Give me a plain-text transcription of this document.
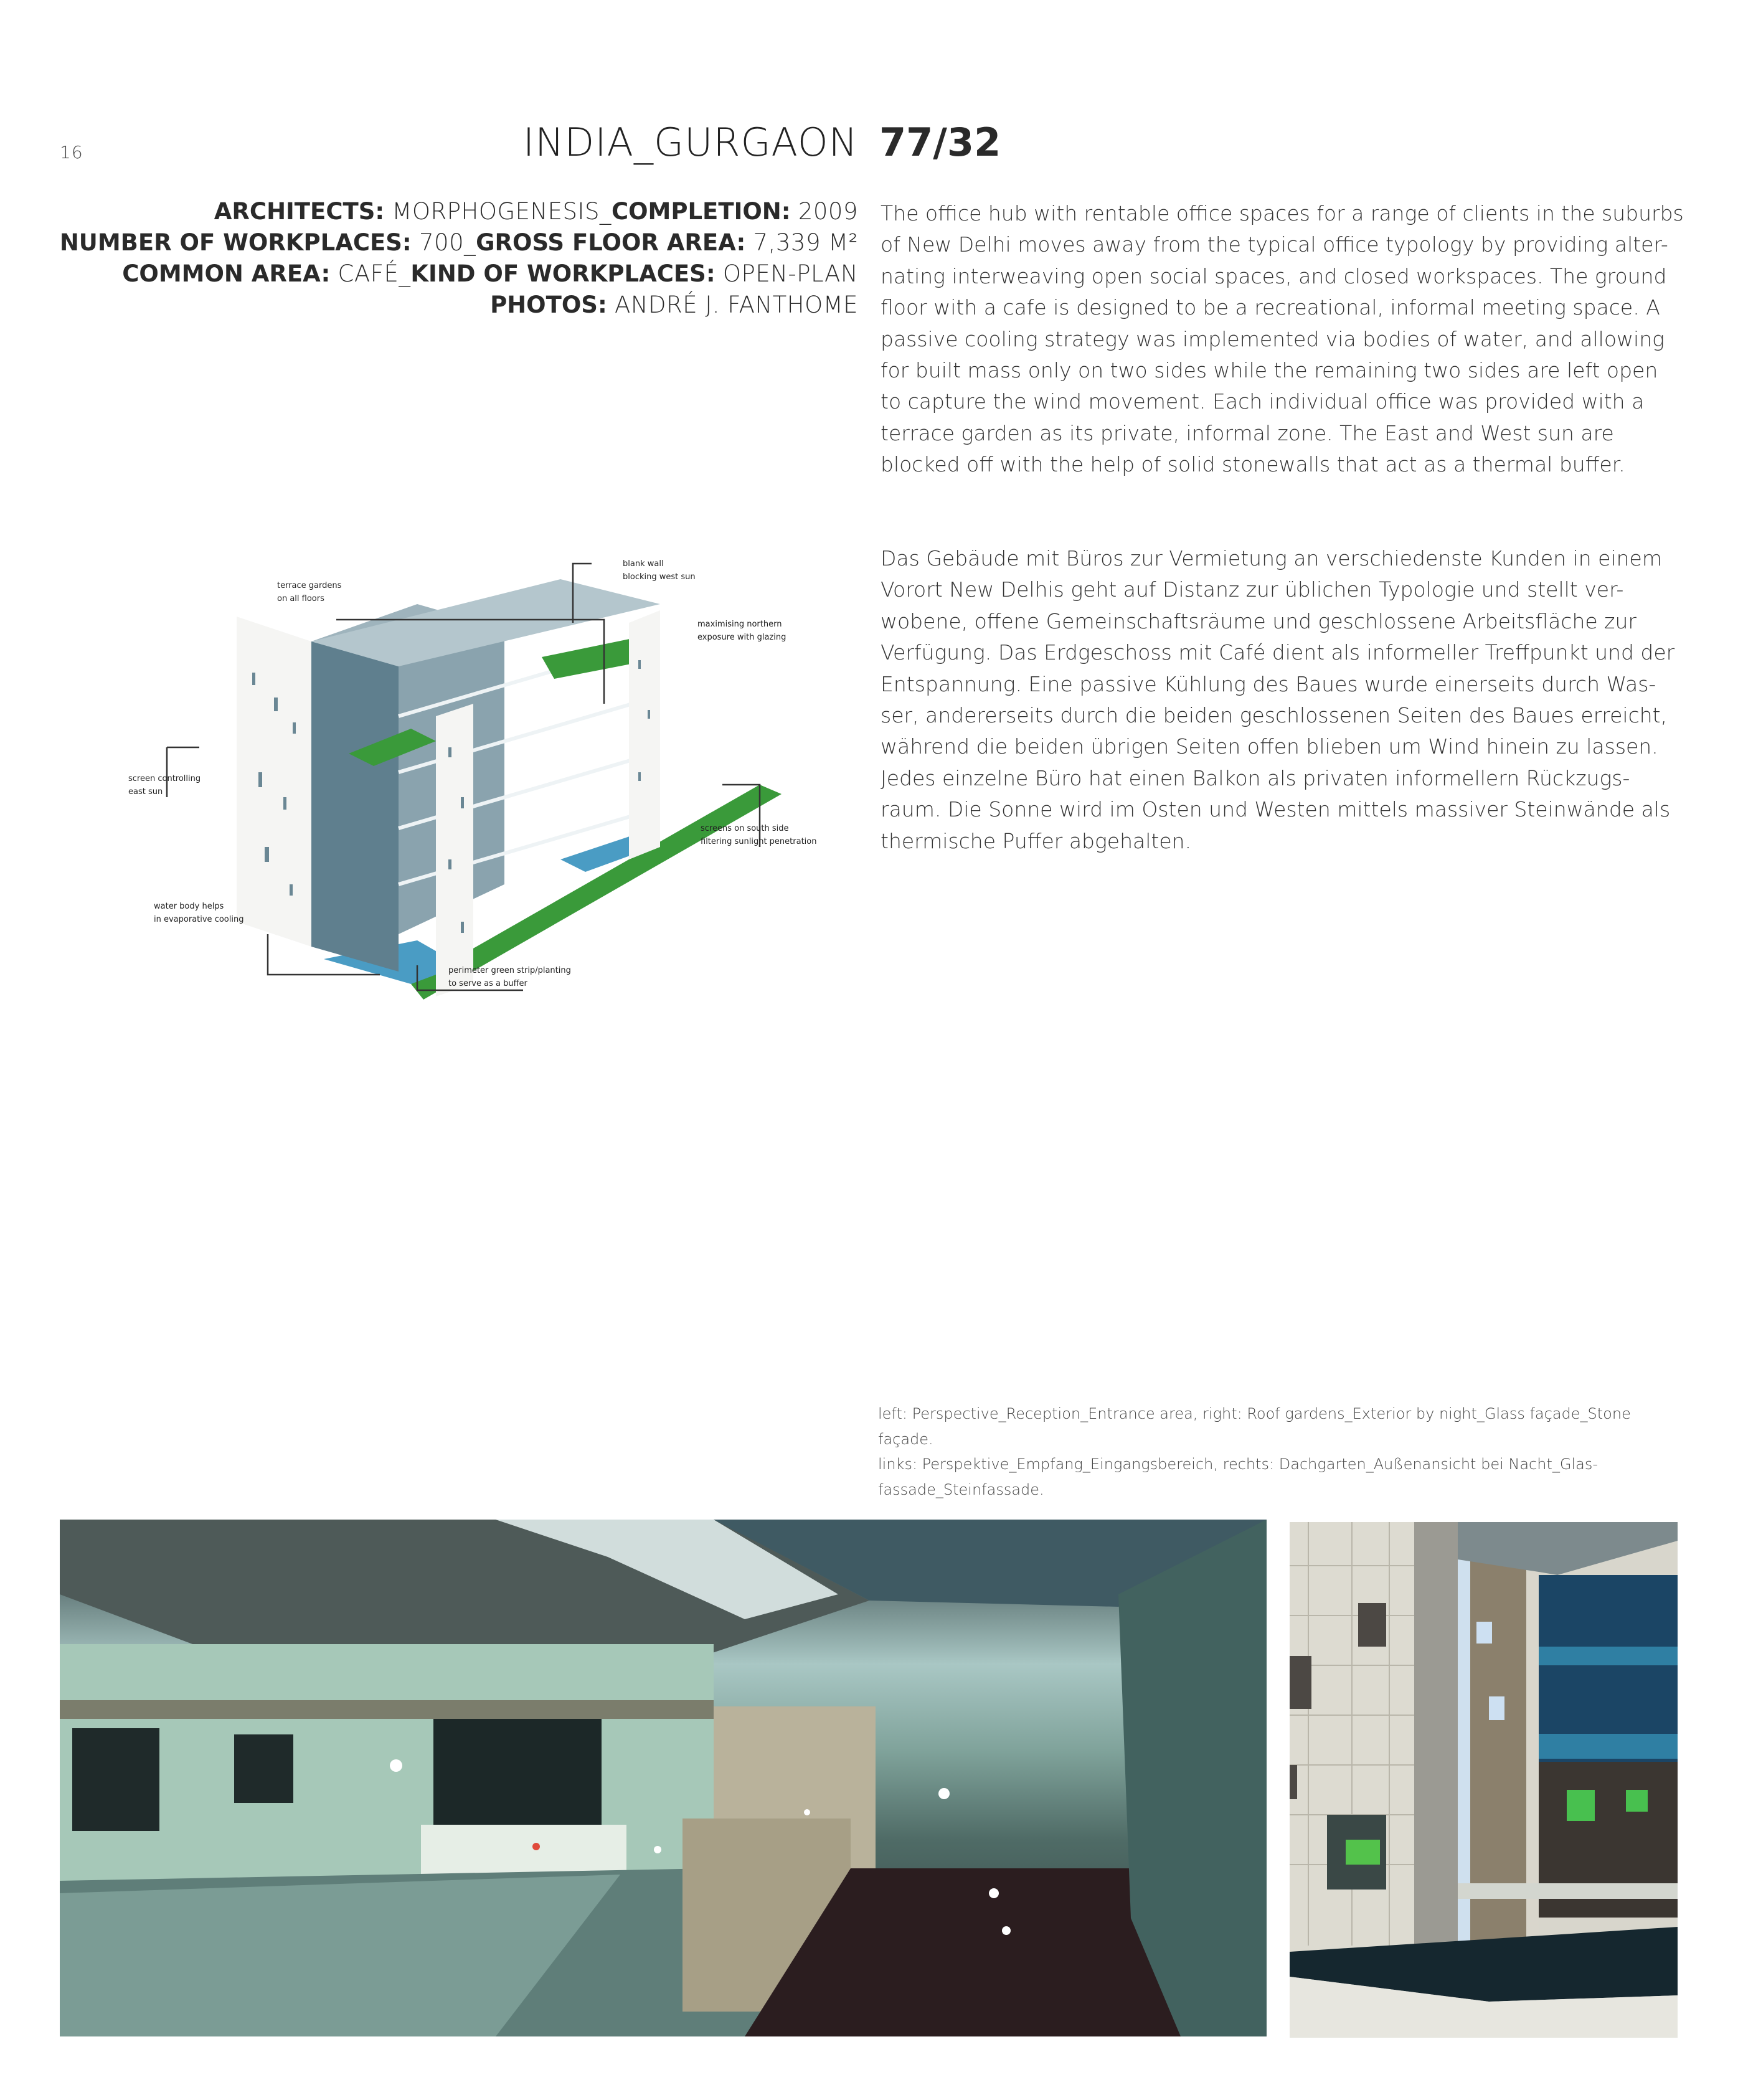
16	INDIA_GURGAON 77/32
ARCHITECTS: MORPHOGENESIS_COMPLETION: 2009
NUMBER OF WORKPLACES: 700_GROSS FLOOR AREA: 7,339 M²
COMMON AREA: CAFÉ_KIND OF WORKPLACES: OPEN-PLAN
PHOTOS: ANDRÉ J. FANTHOME
The office hub with rentable office spaces for a range of clients in the suburbs of New Delhi moves away from the typical office typology by providing alter-nating interweaving open social spaces, and closed workspaces. The ground floor with a cafe is designed to be a recreational, informal meeting space. A passive cooling strategy was implemented via bodies of water, and allowing for built mass only on two sides while the remaining two sides are left open to capture the wind movement. Each individual office was provided with a terrace garden as its private, informal zone. The East and West sun are blocked off with the help of solid stonewalls that act as a thermal buffer.
Das Gebäude mit Büros zur Vermietung an verschiedenste Kunden in einem Vorort New Delhis geht auf Distanz zur üblichen Typologie und stellt ver-wobene, offene Gemeinschaftsräume und geschlossene Arbeitsfläche zur Verfügung. Das Erdgeschoss mit Café dient als informeller Treffpunkt und der Entspannung. Eine passive Kühlung des Baues wurde einerseits durch Was-ser, andererseits durch die beiden geschlossenen Seiten des Baues erreicht, während die beiden übrigen Seiten offen blieben um Wind hinein zu lassen. Jedes einzelne Büro hat einen Balkon als privaten informellern Rückzugs-raum. Die Sonne wird im Osten und Westen mittels massiver Steinwände als thermische Puffer abgehalten.
blank wall
blocking west sun
terrace gardens
on all floors
maximising northern
exposure with glazing
screen controlling
east sun
screens on south side
filtering sunlight penetration
water body helps
in evaporative cooling
perimeter green strip/planting
to serve as a buffer
left: Perspective_Reception_Entrance area, right: Roof gardens_Exterior by night_Glass façade_Stone façade.
links: Perspektive_Empfang_Eingangsbereich, rechts: Dachgarten_Außenansicht bei Nacht_Glas-fassade_Steinfassade.
